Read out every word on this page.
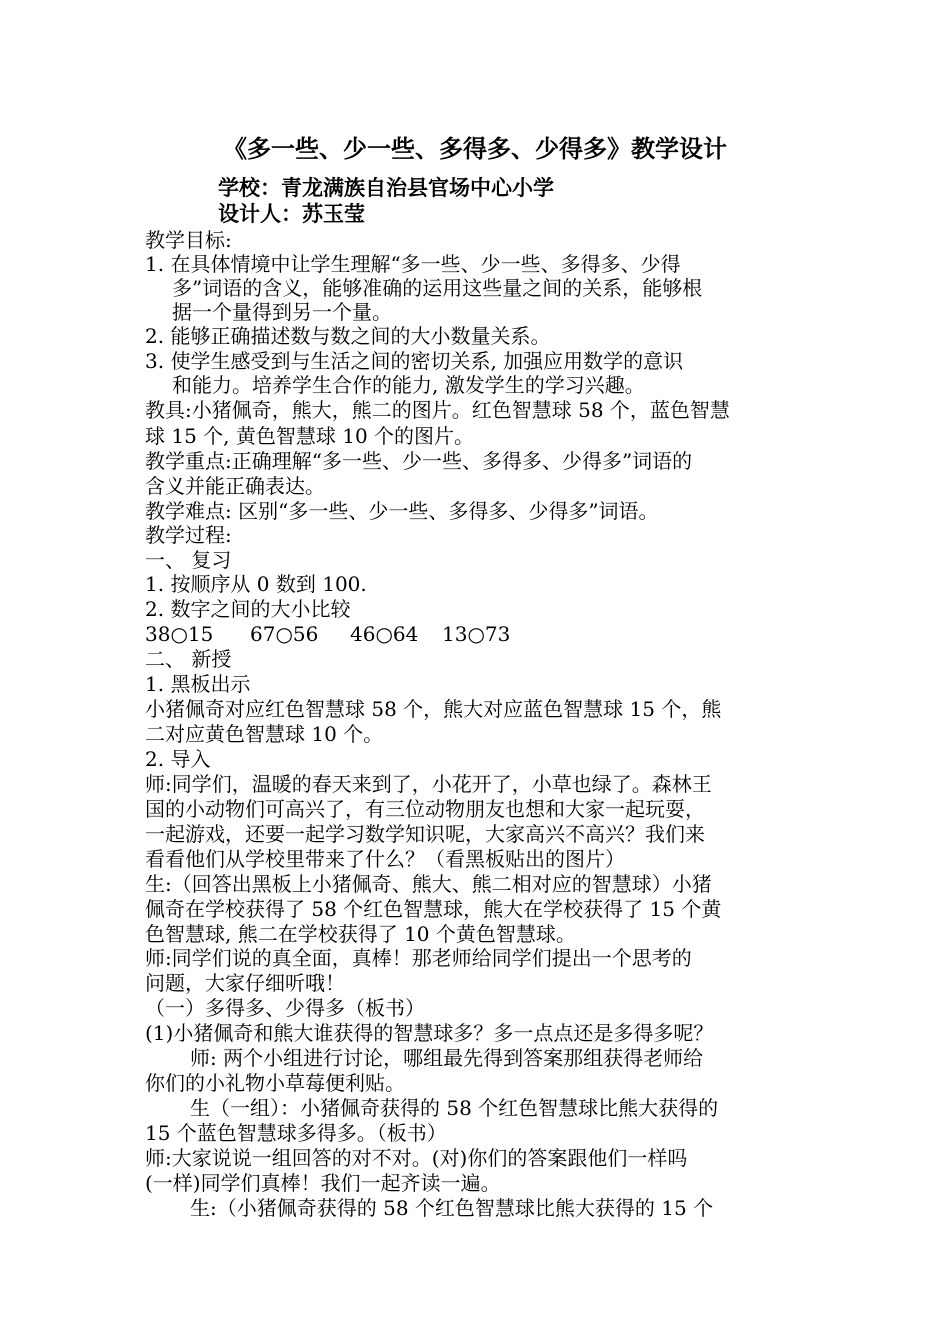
《多一些、少一些、多得多、少得多》教学设计
学校：青龙满族自治县官场中心小学
设计人：苏玉莹
教学目标:
1. 在具体情境中让学生理解“多一些、少一些、多得多、少得
多”词语的含义，能够准确的运用这些量之间的关系，能够根
据一个量得到另一个量。
2. 能够正确描述数与数之间的大小数量关系。
3. 使学生感受到与生活之间的密切关系, 加强应用数学的意识
和能力。培养学生合作的能力, 激发学生的学习兴趣。
教具:小猪佩奇，熊大，熊二的图片。红色智慧球 58 个，蓝色智慧
球 15 个, 黄色智慧球 10 个的图片。
教学重点:正确理解“多一些、少一些、多得多、少得多”词语的
含义并能正确表达。
教学难点: 区别“多一些、少一些、多得多、少得多”词语。
教学过程:
一、 复习
1. 按顺序从 0 数到 100.
2. 数字之间的大小比较
38○15 67○56 46○64 13○73
二、 新授
1. 黑板出示
小猪佩奇对应红色智慧球 58 个，熊大对应蓝色智慧球 15 个，熊
二对应黄色智慧球 10 个。
2. 导入
师:同学们，温暖的春天来到了，小花开了，小草也绿了。森林王
国的小动物们可高兴了，有三位动物朋友也想和大家一起玩耍，
一起游戏，还要一起学习数学知识呢，大家高兴不高兴？我们来
看看他们从学校里带来了什么？（看黑板贴出的图片）
生:（回答出黑板上小猪佩奇、熊大、熊二相对应的智慧球）小猪
佩奇在学校获得了 58 个红色智慧球，熊大在学校获得了 15 个黄
色智慧球, 熊二在学校获得了 10 个黄色智慧球。
师:同学们说的真全面，真棒！那老师给同学们提出一个思考的
问题，大家仔细听哦！
（一）多得多、少得多（板书）
(1)小猪佩奇和熊大谁获得的智慧球多？多一点点还是多得多呢？
师: 两个小组进行讨论，哪组最先得到答案那组获得老师给
你们的小礼物小草莓便利贴。
生（一组）：小猪佩奇获得的 58 个红色智慧球比熊大获得的
15 个蓝色智慧球多得多。（板书）
师:大家说说一组回答的对不对。(对)你们的答案跟他们一样吗
(一样)同学们真棒！我们一起齐读一遍。
生:（小猪佩奇获得的 58 个红色智慧球比熊大获得的 15 个
